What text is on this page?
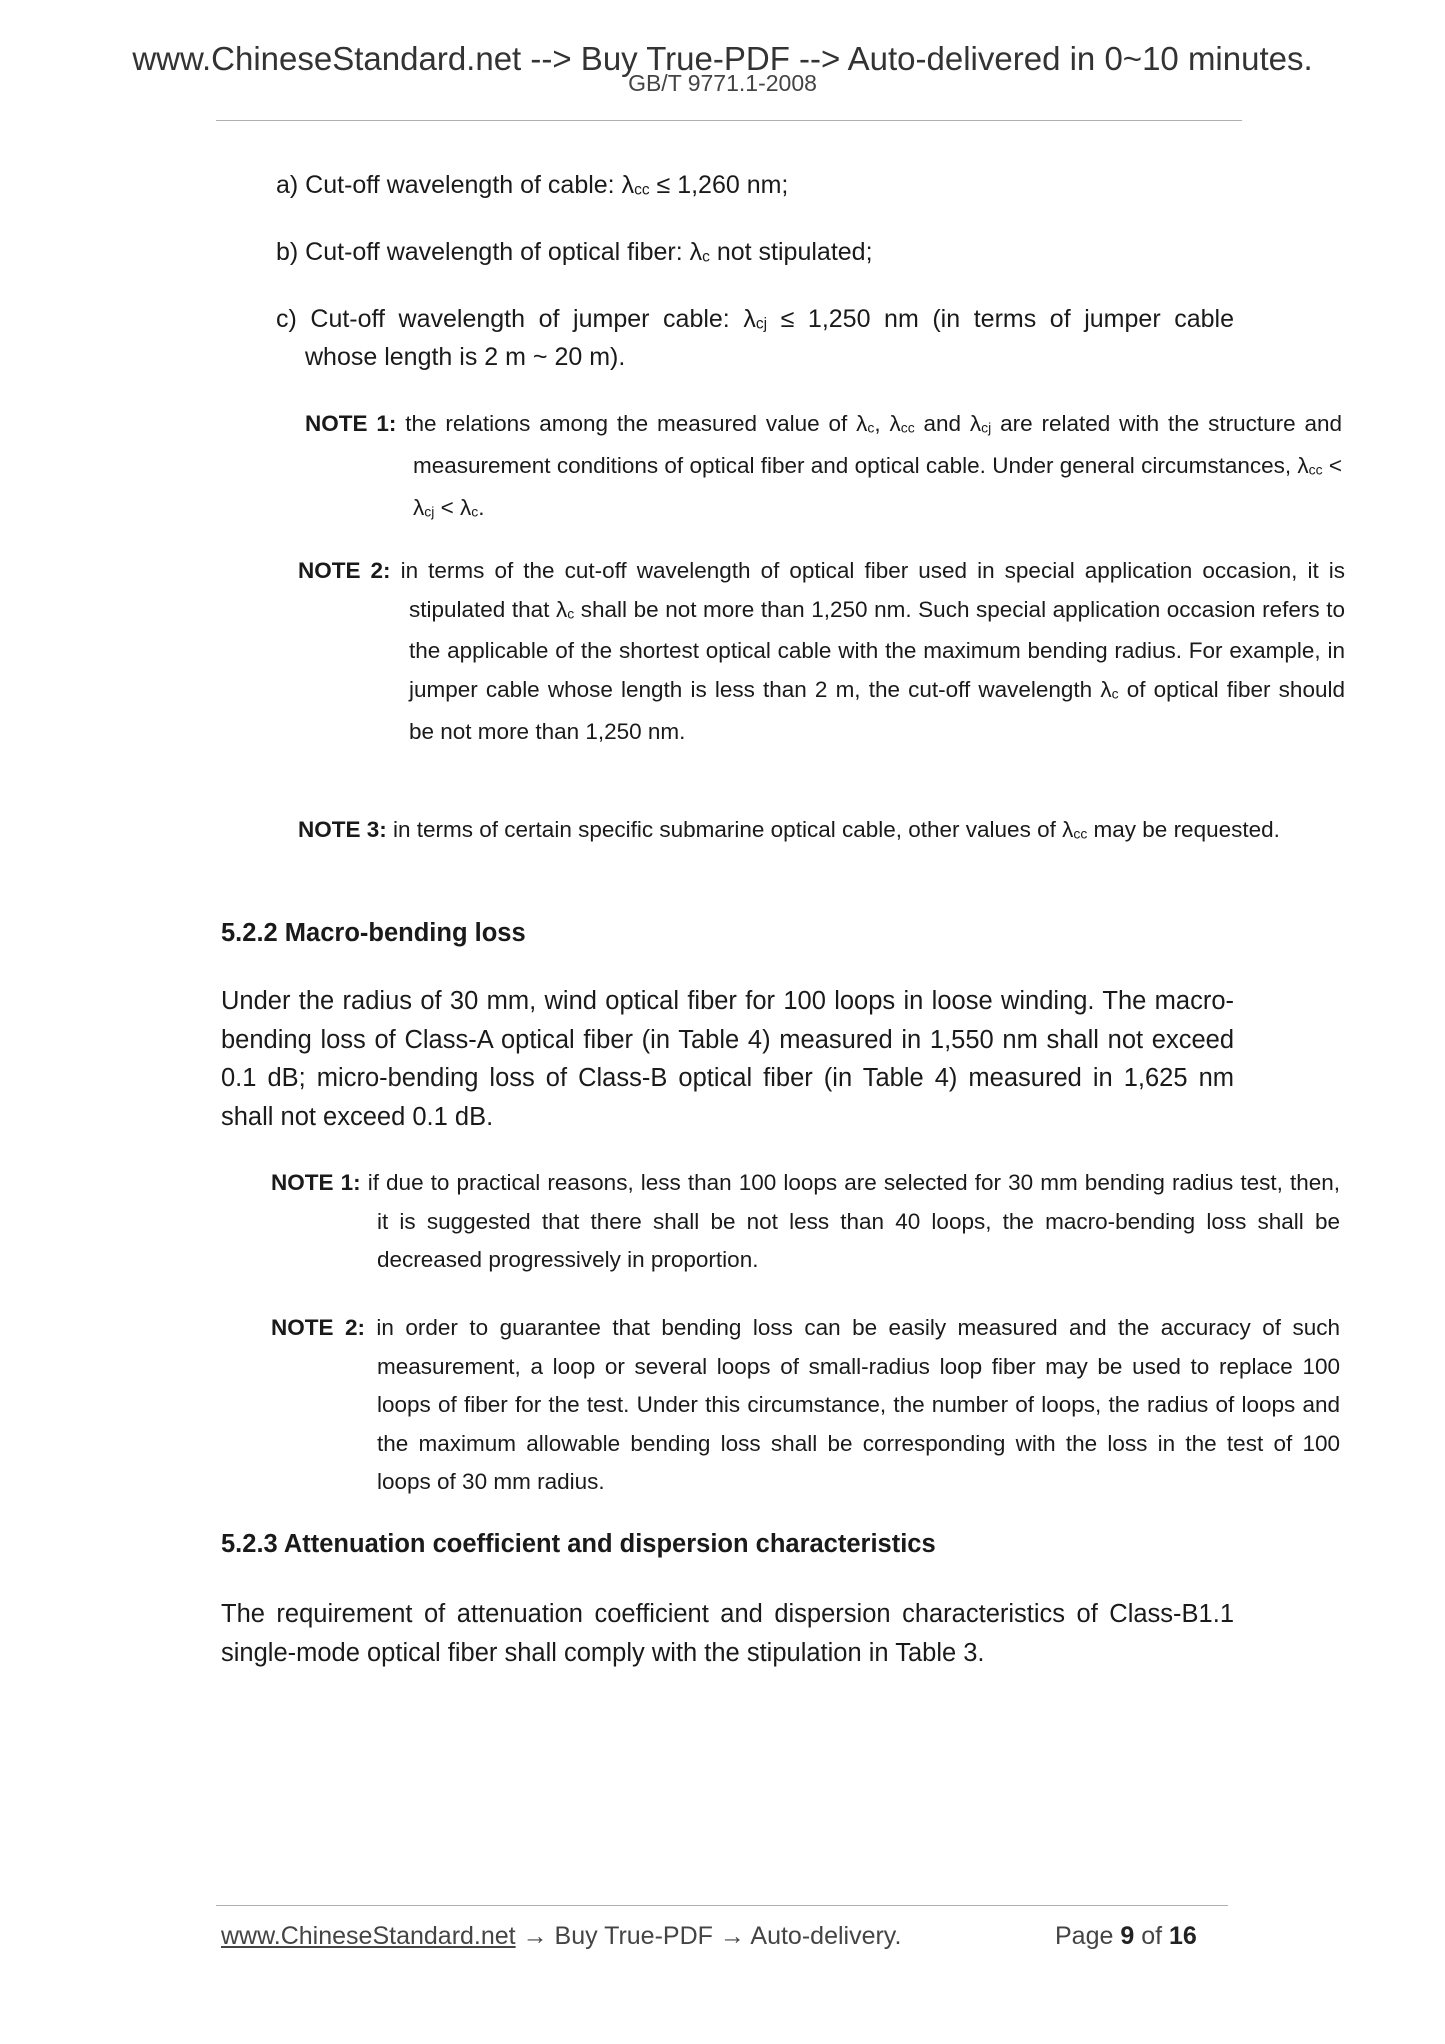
www.ChineseStandard.net --> Buy True-PDF --> Auto-delivered in 0~10 minutes.
GB/T 9771.1-2008
a) Cut-off wavelength of cable: λcc ≤ 1,260 nm;
b) Cut-off wavelength of optical fiber: λc not stipulated;
c) Cut-off wavelength of jumper cable: λcj ≤ 1,250 nm (in terms of jumper cable
whose length is 2 m ~ 20 m).
NOTE 1: the relations among the measured value of λc, λcc and λcj are related with the structure and measurement conditions of optical fiber and optical cable. Under general circumstances, λcc < λcj < λc.
NOTE 2: in terms of the cut-off wavelength of optical fiber used in special application occasion, it is stipulated that λc shall be not more than 1,250 nm. Such special application occasion refers to the applicable of the shortest optical cable with the maximum bending radius. For example, in jumper cable whose length is less than 2 m, the cut-off wavelength λc of optical fiber should be not more than 1,250 nm.
NOTE 3: in terms of certain specific submarine optical cable, other values of λcc may be requested.
5.2.2 Macro-bending loss
Under the radius of 30 mm, wind optical fiber for 100 loops in loose winding. The macro-bending loss of Class-A optical fiber (in Table 4) measured in 1,550 nm shall not exceed 0.1 dB; micro-bending loss of Class-B optical fiber (in Table 4) measured in 1,625 nm shall not exceed 0.1 dB.
NOTE 1: if due to practical reasons, less than 100 loops are selected for 30 mm bending radius test, then, it is suggested that there shall be not less than 40 loops, the macro-bending loss shall be decreased progressively in proportion.
NOTE 2: in order to guarantee that bending loss can be easily measured and the accuracy of such measurement, a loop or several loops of small-radius loop fiber may be used to replace 100 loops of fiber for the test. Under this circumstance, the number of loops, the radius of loops and the maximum allowable bending loss shall be corresponding with the loss in the test of 100 loops of 30 mm radius.
5.2.3 Attenuation coefficient and dispersion characteristics
The requirement of attenuation coefficient and dispersion characteristics of Class-B1.1 single-mode optical fiber shall comply with the stipulation in Table 3.
www.ChineseStandard.net → Buy True-PDF → Auto-delivery.	Page 9 of 16
